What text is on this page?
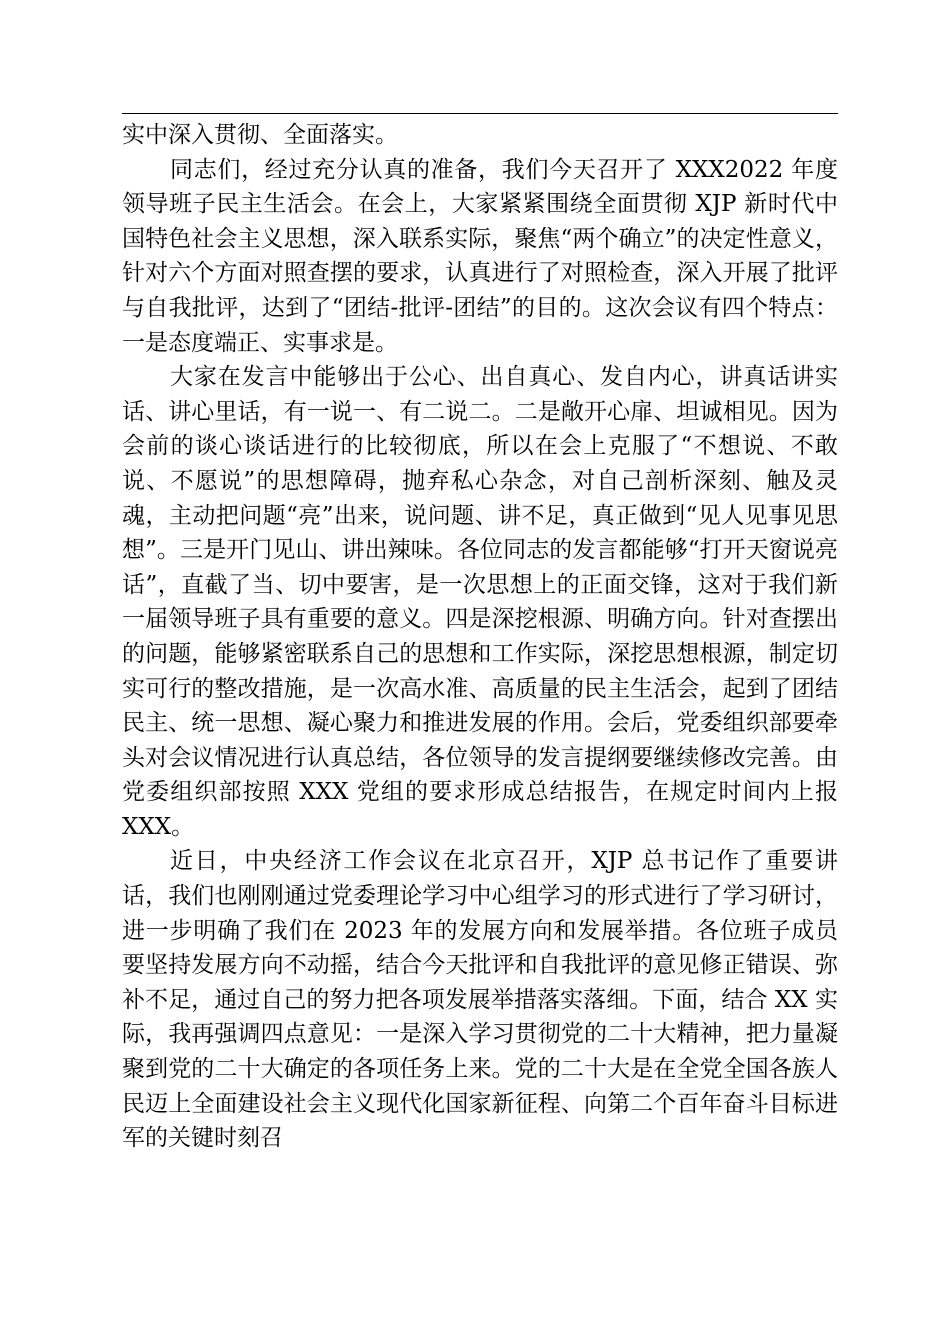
实中深入贯彻、全面落实。

同志们，经过充分认真的准备，我们今天召开了 XXX2022 年度领导班子民主生活会。在会上，大家紧紧围绕全面贯彻 XJP 新时代中国特色社会主义思想，深入联系实际，聚焦“两个确立”的决定性意义，针对六个方面对照查摆的要求，认真进行了对照检查，深入开展了批评与自我批评，达到了“团结-批评-团结”的目的。这次会议有四个特点：一是态度端正、实事求是。

大家在发言中能够出于公心、出自真心、发自内心，讲真话讲实话、讲心里话，有一说一、有二说二。二是敞开心扉、坦诚相见。因为会前的谈心谈话进行的比较彻底，所以在会上克服了“不想说、不敢说、不愿说”的思想障碍，抛弃私心杂念，对自己剖析深刻、触及灵魂，主动把问题“亮”出来，说问题、讲不足，真正做到“见人见事见思想”。三是开门见山、讲出辣味。各位同志的发言都能够“打开天窗说亮话”，直截了当、切中要害，是一次思想上的正面交锋，这对于我们新一届领导班子具有重要的意义。四是深挖根源、明确方向。针对查摆出的问题，能够紧密联系自己的思想和工作实际，深挖思想根源，制定切实可行的整改措施，是一次高水准、高质量的民主生活会，起到了团结民主、统一思想、凝心聚力和推进发展的作用。会后，党委组织部要牵头对会议情况进行认真总结，各位领导的发言提纲要继续修改完善。由党委组织部按照 XXX 党组的要求形成总结报告，在规定时间内上报 XXX。

近日，中央经济工作会议在北京召开，XJP 总书记作了重要讲话，我们也刚刚通过党委理论学习中心组学习的形式进行了学习研讨，进一步明确了我们在 2023 年的发展方向和发展举措。各位班子成员要坚持发展方向不动摇，结合今天批评和自我批评的意见修正错误、弥补不足，通过自己的努力把各项发展举措落实落细。下面，结合 XX 实际，我再强调四点意见：一是深入学习贯彻党的二十大精神，把力量凝聚到党的二十大确定的各项任务上来。党的二十大是在全党全国各族人民迈上全面建设社会主义现代化国家新征程、向第二个百年奋斗目标进军的关键时刻召
